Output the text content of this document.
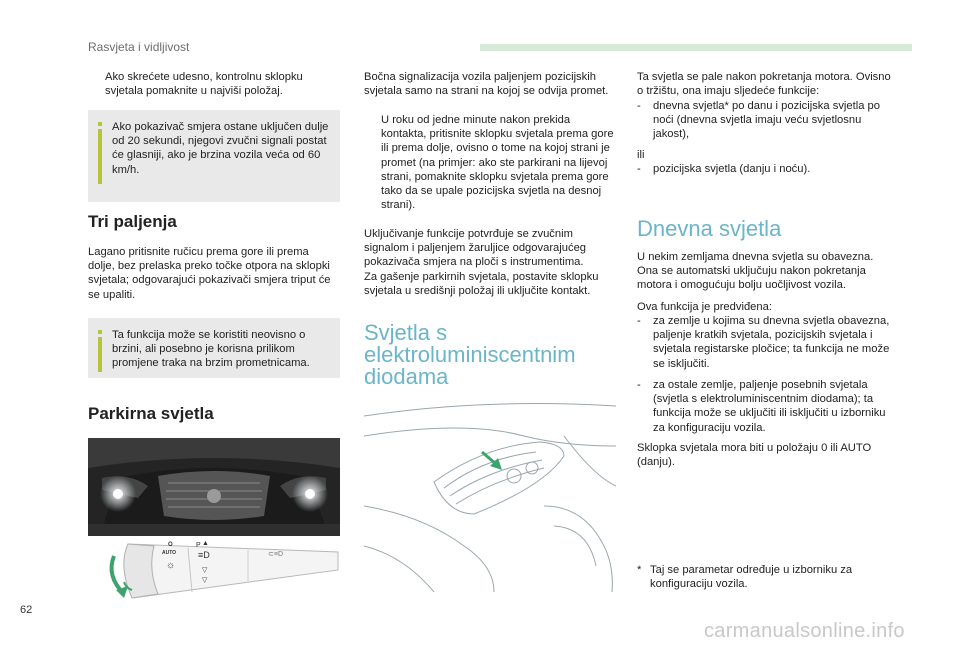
Rasvjeta i vidljivost
Ako skrećete udesno, kontrolnu sklopku svjetala pomaknite u najviši položaj.
Ako pokazivač smjera ostane uključen dulje od 20 sekundi, njegovi zvučni signali postat će glasniji, ako je brzina vozila veća od 60 km/h.
Tri paljenja
Lagano pritisnite ručicu prema gore ili prema dolje, bez prelaska preko točke otpora na sklopki svjetala; odgovarajući pokazivači smjera triput će se upaliti.
Ta funkcija može se koristiti neovisno o brzini, ali posebno je korisna prilikom promjene traka na brzim prometnicama.
Parkirna svjetla
O
AUTO
P
☼
≡D
▲
▽
▽
⊂≡D
Bočna signalizacija vozila paljenjem pozicijskih svjetala samo na strani na kojoj se odvija promet.
U roku od jedne minute nakon prekida kontakta, pritisnite sklopku svjetala prema gore ili prema dolje, ovisno o tome na kojoj strani je promet (na primjer: ako ste parkirani na lijevoj strani, pomaknite sklopku svjetala prema gore tako da se upale pozicijska svjetla na desnoj strani).
Uključivanje funkcije potvrđuje se zvučnim signalom i paljenjem žaruljice odgovarajućeg pokazivača smjera na ploči s instrumentima.
Za gašenje parkirnih svjetala, postavite sklopku svjetala u središnji položaj ili uključite kontakt.
Svjetla s
elektroluminiscentnim
diodama
Ta svjetla se pale nakon pokretanja motora. Ovisno o tržištu, ona imaju sljedeće funkcije:
-	dnevna svjetla* po danu i pozicijska svjetla po noći (dnevna svjetla imaju veću svjetlosnu jakost),
ili
-	pozicijska svjetla (danju i noću).
Dnevna svjetla
U nekim zemljama dnevna svjetla su obavezna. Ona se automatski uključuju nakon pokretanja motora i omogućuju bolju uočljivost vozila.
Ova funkcija je predviđena:
-	za zemlje u kojima su dnevna svjetla obavezna, paljenje kratkih svjetala, pozicijskih svjetala i svjetala registarske pločice; ta funkcija ne može se isključiti.
-	za ostale zemlje, paljenje posebnih svjetala (svjetla s elektroluminiscentnim diodama); ta funkcija može se uključiti ili isključiti u izborniku za konfiguraciju vozila.
Sklopka svjetala mora biti u položaju 0 ili AUTO (danju).
* Taj se parametar određuje u izborniku za konfiguraciju vozila.
62
carmanualsonline.info
